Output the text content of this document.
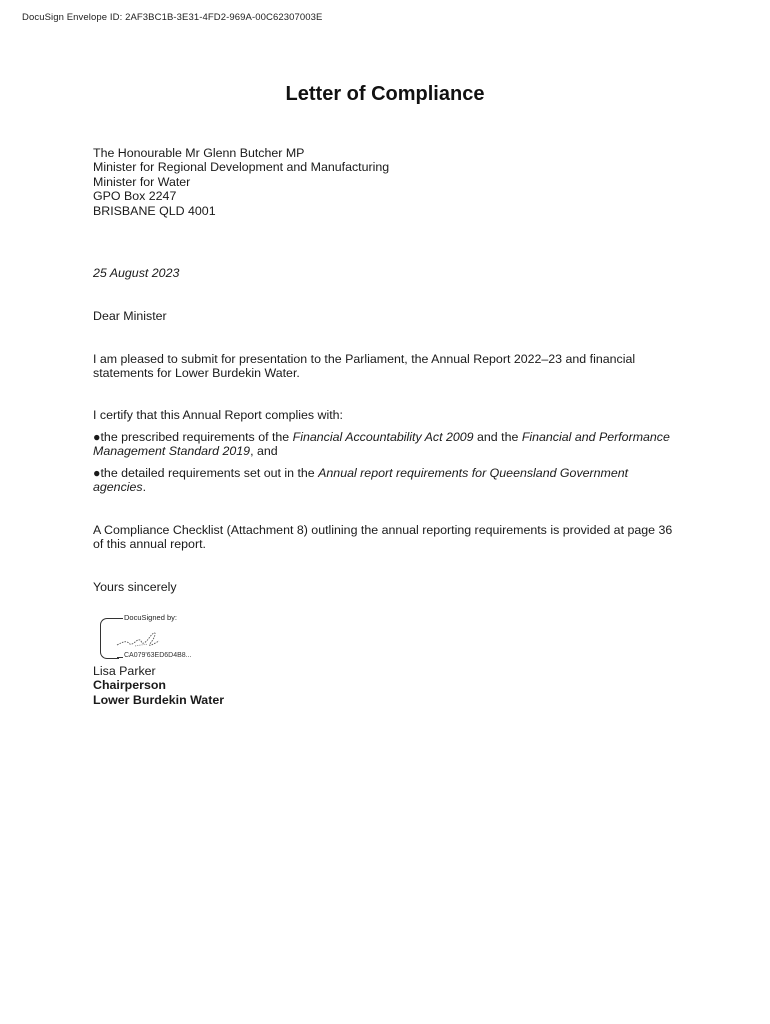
DocuSign Envelope ID: 2AF3BC1B-3E31-4FD2-969A-00C62307003E
Letter of Compliance
The Honourable Mr Glenn Butcher MP
Minister for Regional Development and Manufacturing
Minister for Water
GPO Box 2247
BRISBANE QLD 4001
25 August 2023
Dear Minister
I am pleased to submit for presentation to the Parliament, the Annual Report 2022–23 and financial statements for Lower Burdekin Water.
I certify that this Annual Report complies with:
●the prescribed requirements of the Financial Accountability Act 2009 and the Financial and Performance Management Standard 2019, and
●the detailed requirements set out in the Annual report requirements for Queensland Government agencies.
A Compliance Checklist (Attachment 8) outlining the annual reporting requirements is provided at page 36 of this annual report.
Yours sincerely
Lisa Parker
Chairperson
Lower Burdekin Water
DocuSigned by:
CA079'63ED6D4B8...
